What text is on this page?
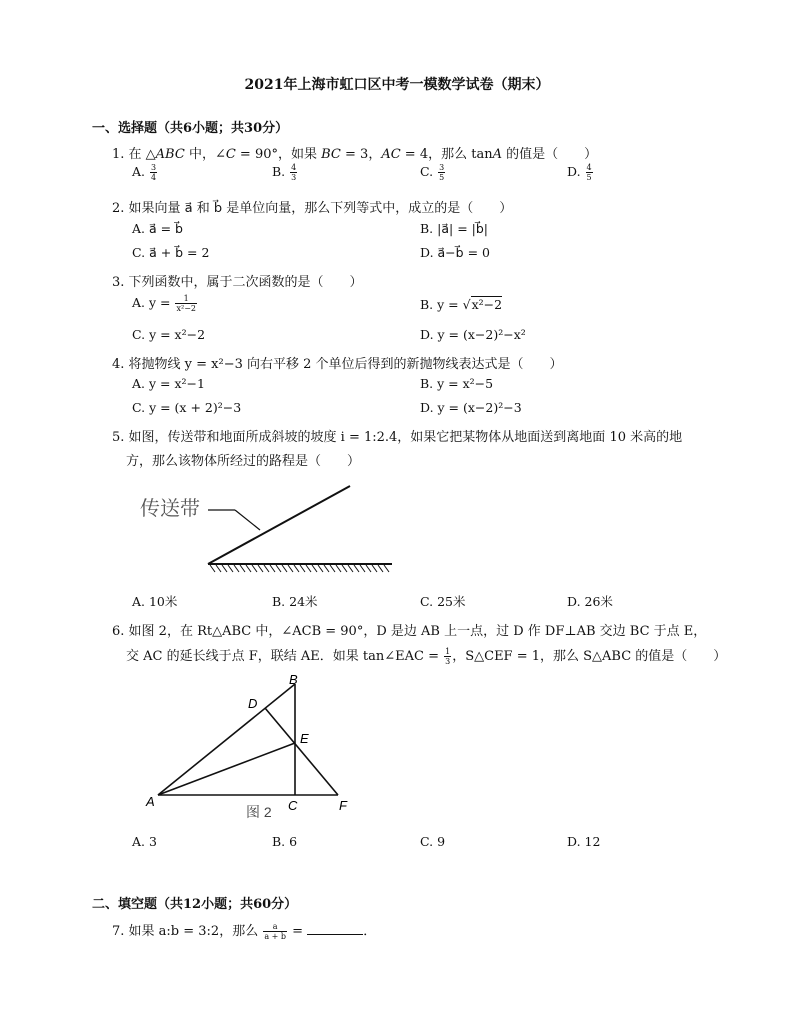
2021年上海市虹口区中考一模数学试卷（期末）
一、选择题（共6小题；共30分）
1. 在 △ABC 中，∠C = 90°，如果 BC = 3，AC = 4，那么 tanA 的值是（　　）
A. $\frac{3}{4}$	B. $\frac{4}{3}$	C. $\frac{3}{5}$	D. $\frac{4}{5}$
2. 如果向量 a⃗ 和 b⃗ 是单位向量，那么下列等式中，成立的是（　　）
A. a⃗ = b⃗	B. |a⃗| = |b⃗|
C. a⃗ + b⃗ = 2	D. a⃗−b⃗ = 0
3. 下列函数中，属于二次函数的是（　　）
A. $y = \frac{1}{\text{x²−2}}$	B. y = √x²−2
C. y = x²−2	D. y = (x−2)²−x²
4. 将抛物线 y = x²−3 向右平移 2 个单位后得到的新抛物线表达式是（　　）
A. y = x²−1	B. y = x²−5
C. y = (x + 2)²−3	D. y = (x−2)²−3
5. 如图，传送带和地面所成斜坡的坡度 i = 1:2.4，如果它把某物体从地面送到离地面 10 米高的地
方，那么该物体所经过的路程是（　　）
传送带
A. 10米	B. 24米	C. 25米	D. 26米
6. 如图 2，在 Rt△ABC 中，∠ACB = 90°，D 是边 AB 上一点，过 D 作 DF⊥AB 交边 BC 于点 E，
交 AC 的延长线于点 F，联结 AE．如果 tan∠EAC = $\frac{1}{3}$ ，S△CEF = 1，那么 S△ABC 的值是（　　）
A
B
C
D
E
F
图 2
A. 3	B. 6	C. 9	D. 12
二、填空题（共12小题；共60分）
7. 如果 a:b = 3:2，那么 $\frac{a}{a + b}$ =	．
